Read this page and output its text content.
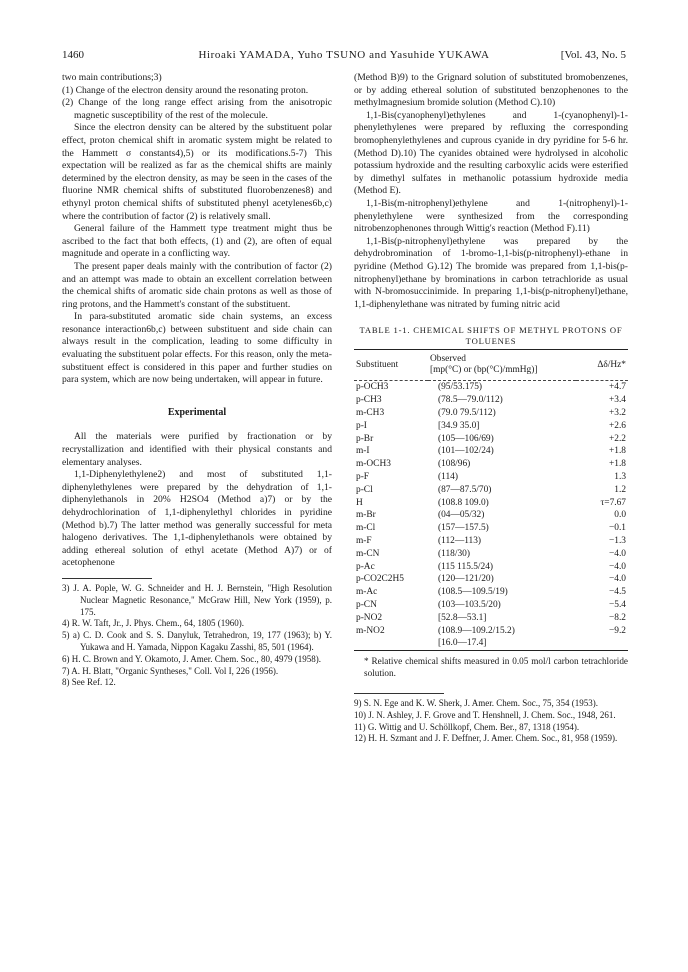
1460	Hiroaki YAMADA, Yuho TSUNO and Yasuhide YUKAWA	[Vol. 43, No. 5

two main contributions;3)

(1) Change of the electron density around the resonating proton.

(2) Change of the long range effect arising from the anisotropic magnetic susceptibility of the rest of the molecule.

Since the electron density can be altered by the substituent polar effect, proton chemical shift in aromatic system might be related to the Hammett σ constants4),5) or its modifications.5-7) This expectation will be realized as far as the chemical shifts are mainly determined by the electron density, as may be seen in the cases of the fluorine NMR chemical shifts of substituted fluorobenzenes8) and ethynyl proton chemical shifts of substituted phenyl acetylenes6b,c) where the contribution of factor (2) is relatively small.

General failure of the Hammett type treatment might thus be ascribed to the fact that both effects, (1) and (2), are often of equal magnitude and operate in a conflicting way.

The present paper deals mainly with the contribution of factor (2) and an attempt was made to obtain an excellent correlation between the chemical shifts of aromatic side chain protons as well as those of ring protons, and the Hammett's constant of the substituent.

In para-substituted aromatic side chain systems, an excess resonance interaction6b,c) between substituent and side chain can always result in the complication, leading to some difficulty in evaluating the substituent polar effects. For this reason, only the meta-substituent effect is considered in this paper and further studies on para system, which are now being undertaken, will appear in future.

Experimental

All the materials were purified by fractionation or by recrystallization and identified with their physical constants and elementary analyses.

1,1-Diphenylethylene2) and most of substituted 1,1-diphenylethylenes were prepared by the dehydration of 1,1-diphenylethanols in 20% H2SO4 (Method a)7) or by the dehydrochlorination of 1,1-diphenylethyl chlorides in pyridine (Method b).7) The latter method was generally successful for meta halogeno derivatives. The 1,1-diphenylethanols were obtained by adding ethereal solution of ethyl acetate (Method A)7) or of acetophenone

3) J. A. Pople, W. G. Schneider and H. J. Bernstein, "High Resolution Nuclear Magnetic Resonance," McGraw Hill, New York (1959), p. 175.

4) R. W. Taft, Jr., J. Phys. Chem., 64, 1805 (1960).

5) a) C. D. Cook and S. S. Danyluk, Tetrahedron, 19, 177 (1963); b) Y. Yukawa and H. Yamada, Nippon Kagaku Zasshi, 85, 501 (1964).

6) H. C. Brown and Y. Okamoto, J. Amer. Chem. Soc., 80, 4979 (1958).

7) A. H. Blatt, "Organic Syntheses," Coll. Vol I, 226 (1956).

8) See Ref. 12.

(Method B)9) to the Grignard solution of substituted bromobenzenes, or by adding ethereal solution of substituted benzophenones to the methylmagnesium bromide solution (Method C).10)

1,1-Bis(cyanophenyl)ethylenes and 1-(cyanophenyl)-1-phenylethylenes were prepared by refluxing the corresponding bromophenylethylenes and cuprous cyanide in dry pyridine for 5-6 hr. (Method D).10) The cyanides obtained were hydrolysed in alcoholic potassium hydroxide and the resulting carboxylic acids were esterified by dimethyl sulfates in methanolic potassium hydroxide media (Method E).

1,1-Bis(m-nitrophenyl)ethylene and 1-(nitrophenyl)-1-phenylethylene were synthesized from the corresponding nitrobenzophenones through Wittig's reaction (Method F).11)

1,1-Bis(p-nitrophenyl)ethylene was prepared by the dehydrobromination of 1-bromo-1,1-bis(p-nitrophenyl)-ethane in pyridine (Method G).12) The bromide was prepared from 1,1-bis(p-nitrophenyl)ethane by brominations in carbon tetrachloride as usual with N-bromosuccinimide. In preparing 1,1-bis(p-nitrophenyl)ethane, 1,1-diphenylethane was nitrated by fuming nitric acid

TABLE 1-1. CHEMICAL SHIFTS OF METHYL PROTONS OF TOLUENES
Substituent	Observed
[mp(°C) or (bp(°C)/mmHg)]	Δδ/Hz*
p-OCH3	(95/53.175)	+4.7
p-CH3	(78.5—79.0/112)	+3.4
m-CH3	(79.0 79.5/112)	+3.2
p-I	[34.9 35.0]	+2.6
p-Br	(105—106/69)	+2.2
m-I	(101—102/24)	+1.8
m-OCH3	(108/96)	+1.8
p-F	(114)	1.3
p-Cl	(87—87.5/70)	1.2
H	(108.8 109.0)	τ=7.67
m-Br	(04—05/32)	0.0
m-Cl	(157—157.5)	−0.1
m-F	(112—113)	−1.3
m-CN	(118/30)	−4.0
p-Ac	(115 115.5/24)	−4.0
p-CO2C2H5	(120—121/20)	−4.0
m-Ac	(108.5—109.5/19)	−4.5
p-CN	(103—103.5/20)	−5.4
p-NO2	[52.8—53.1]	−8.2
m-NO2	(108.9—109.2/15.2)	−9.2
	[16.0—17.4]	

* Relative chemical shifts measured in 0.05 mol/l carbon tetrachloride solution.

9) S. N. Ege and K. W. Sherk, J. Amer. Chem. Soc., 75, 354 (1953).

10) J. N. Ashley, J. F. Grove and T. Henshnell, J. Chem. Soc., 1948, 261.

11) G. Wittig and U. Schöllkopf, Chem. Ber., 87, 1318 (1954).

12) H. H. Szmant and J. F. Deffner, J. Amer. Chem. Soc., 81, 958 (1959).
